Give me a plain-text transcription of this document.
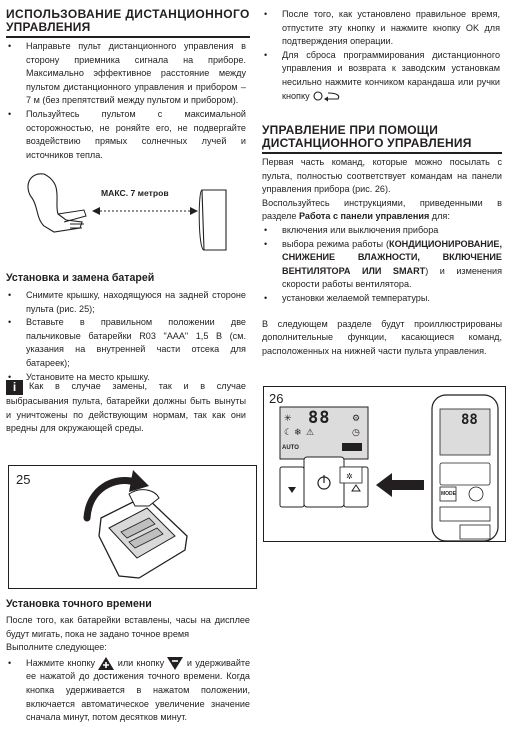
ИСПОЛЬЗОВАНИЕ ДИСТАНЦИОННОГО

УПРАВЛЕНИЯ

• Направьте пульт дистанционного управления в сторону приемника сигнала на приборе. Максимально эффективное расстояние между пультом дистанционного управления и прибором – 7 м (без препятствий между пультом и прибором).
• Пользуйтесь пультом с максимальной осторожностью, не роняйте его, не подвергайте воздействию прямых солнечных лучей и источников тепла.
МАКС. 7 метров

Установка и замена батарей

• Снимите крышку, находящуюся на задней стороне пульта (рис. 25);
• Вставьте в правильном положении две пальчиковые батарейки R03 "AAA" 1,5 В (см. указания на внутренней части отсека для батареек);
• Установите на место крышку.

i Как в случае замены, так и в случае выбрасывания пульта, батарейки должны быть вынуты и уничтожены по действующим нормам, так как они вредны для окружающей среды.

25

Установка точного времени

После того, как батарейки вставлены, часы на дисплее будут мигать, пока не задано точное время

Выполните следующее:

• Нажмите кнопку или кнопку и удерживайте ее нажатой до достижения точного времени. Когда кнопка удерживается в нажатом положении, включается автоматическое увеличение значение сначала минут, потом десятков минут.
• После того, как установлено правильное время, отпустите эту кнопку и нажмите кнопку OK для подтверждения операции.
• Для сброса программирования дистанционного управления и возврата к заводским установкам несильно нажмите кончиком карандаша или ручки кнопку

УПРАВЛЕНИЕ ПРИ ПОМОЩИ

ДИСТАНЦИОННОГО УПРАВЛЕНИЯ

Первая часть команд, которые можно посылать с пульта, полностью соответствует командам на панели управления прибора (рис. 26).

Воспользуйтесь инструкциями, приведенными в разделе Работа с панели управления для:

• включения или выключения прибора
• выбора режима работы (КОНДИЦИОНИРОВАНИЕ, СНИЖЕНИЕ ВЛАЖНОСТИ, ВКЛЮЧЕНИЕ ВЕНТИЛЯТОРА ИЛИ SMART) и изменения скорости работы вентилятора.
• установки желаемой температуры.

В следующем разделе будут проиллюстрированы дополнительные функции, касающиеся команд, расположенных на нижней части пульта управления.

26
✳
☾ ❄ ⚠
⚙
◷
✲
88
AUTO
88
MODE
